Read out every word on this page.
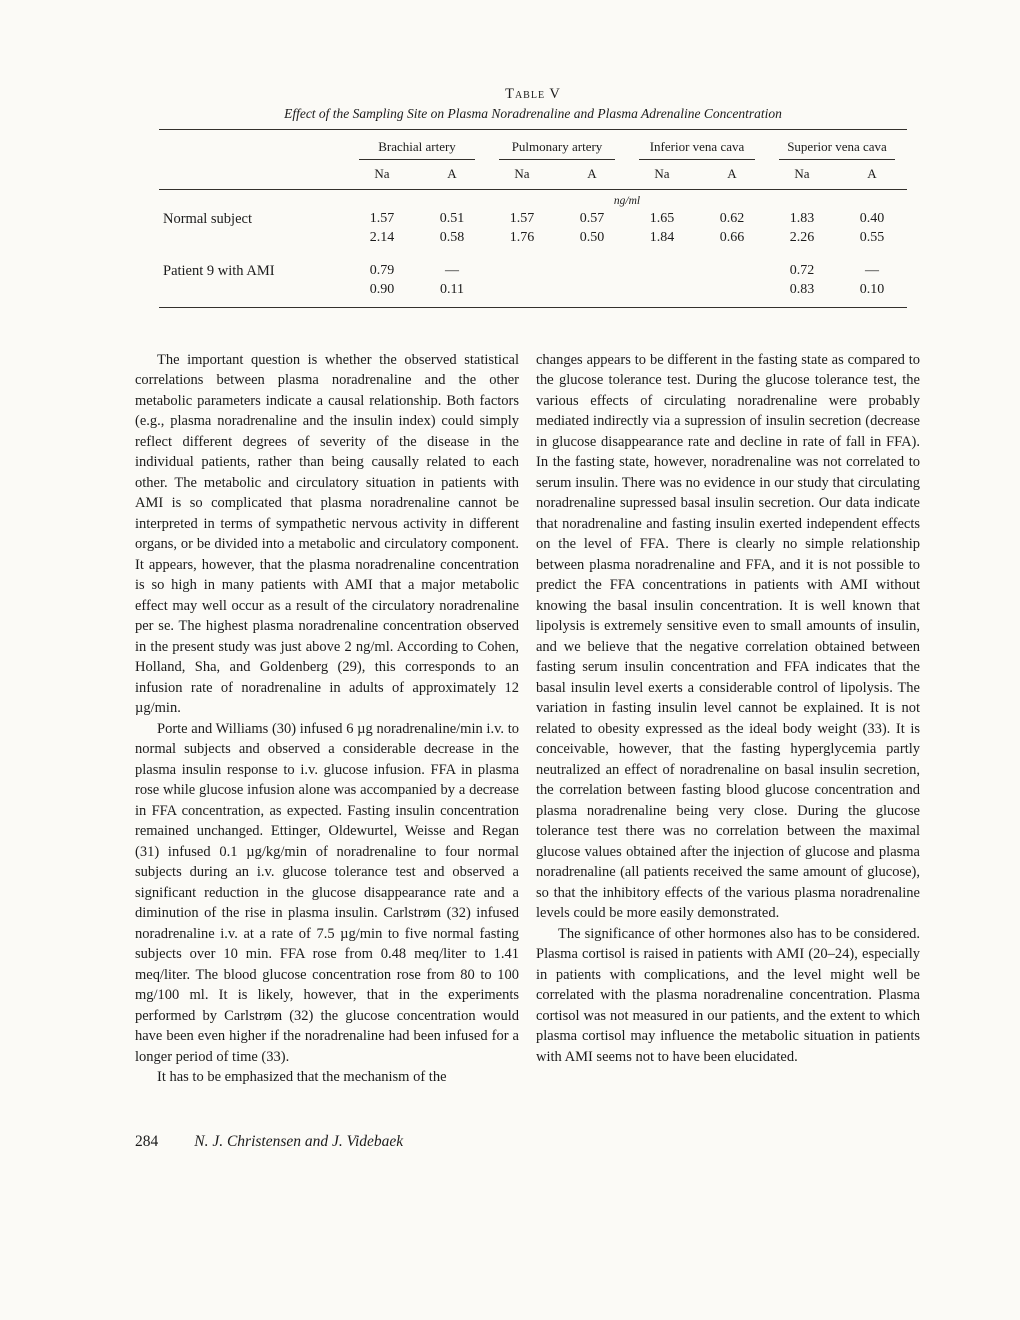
Table V
Effect of the Sampling Site on Plasma Noradrenaline and Plasma Adrenaline Concentration

	Brachial artery		Pulmonary artery		Inferior vena cava		Superior vena cava	

	Na	A	Na	A	Na	A	Na	A
	ng/ml							
Normal subject	1.57	0.51	1.57	0.57	1.65	0.62	1.83	0.40
	2.14	0.58	1.76	0.50	1.84	0.66	2.26	0.55

Patient 9 with AMI	0.79	—					0.72	—
	0.90	0.11					0.83	0.10

The important question is whether the observed statistical correlations between plasma noradrenaline and the other metabolic parameters indicate a causal relationship. Both factors (e.g., plasma noradrenaline and the insulin index) could simply reflect different degrees of severity of the disease in the individual patients, rather than being causally related to each other. The metabolic and circulatory situation in patients with AMI is so complicated that plasma noradrenaline cannot be interpreted in terms of sympathetic nervous activity in different organs, or be divided into a metabolic and circulatory component. It appears, however, that the plasma noradrenaline concentration is so high in many patients with AMI that a major metabolic effect may well occur as a result of the circulatory noradrenaline per se. The highest plasma noradrenaline concentration observed in the present study was just above 2 ng/ml. According to Cohen, Holland, Sha, and Goldenberg (29), this corresponds to an infusion rate of noradrenaline in adults of approximately 12 µg/min.

Porte and Williams (30) infused 6 µg noradrenaline/min i.v. to normal subjects and observed a considerable decrease in the plasma insulin response to i.v. glucose infusion. FFA in plasma rose while glucose infusion alone was accompanied by a decrease in FFA concentration, as expected. Fasting insulin concentration remained unchanged. Ettinger, Oldewurtel, Weisse and Regan (31) infused 0.1 µg/kg/min of noradrenaline to four normal subjects during an i.v. glucose tolerance test and observed a significant reduction in the glucose disappearance rate and a diminution of the rise in plasma insulin. Carlstrøm (32) infused noradrenaline i.v. at a rate of 7.5 µg/min to five normal fasting subjects over 10 min. FFA rose from 0.48 meq/liter to 1.41 meq/liter. The blood glucose concentration rose from 80 to 100 mg/100 ml. It is likely, however, that in the experiments performed by Carlstrøm (32) the glucose concentration would have been even higher if the noradrenaline had been infused for a longer period of time (33).

It has to be emphasized that the mechanism of the

changes appears to be different in the fasting state as compared to the glucose tolerance test. During the glucose tolerance test, the various effects of circulating noradrenaline were probably mediated indirectly via a supression of insulin secretion (decrease in glucose disappearance rate and decline in rate of fall in FFA). In the fasting state, however, noradrenaline was not correlated to serum insulin. There was no evidence in our study that circulating noradrenaline supressed basal insulin secretion. Our data indicate that noradrenaline and fasting insulin exerted independent effects on the level of FFA. There is clearly no simple relationship between plasma noradrenaline and FFA, and it is not possible to predict the FFA concentrations in patients with AMI without knowing the basal insulin concentration. It is well known that lipolysis is extremely sensitive even to small amounts of insulin, and we believe that the negative correlation obtained between fasting serum insulin concentration and FFA indicates that the basal insulin level exerts a considerable control of lipolysis. The variation in fasting insulin level cannot be explained. It is not related to obesity expressed as the ideal body weight (33). It is conceivable, however, that the fasting hyperglycemia partly neutralized an effect of noradrenaline on basal insulin secretion, the correlation between fasting blood glucose concentration and plasma noradrenaline being very close. During the glucose tolerance test there was no correlation between the maximal glucose values obtained after the injection of glucose and plasma noradrenaline (all patients received the same amount of glucose), so that the inhibitory effects of the various plasma noradrenaline levels could be more easily demonstrated.

The significance of other hormones also has to be considered. Plasma cortisol is raised in patients with AMI (20–24), especially in patients with complications, and the level might well be correlated with the plasma noradrenaline concentration. Plasma cortisol was not measured in our patients, and the extent to which plasma cortisol may influence the metabolic situation in patients with AMI seems not to have been elucidated.

284 N. J. Christensen and J. Videbaek
